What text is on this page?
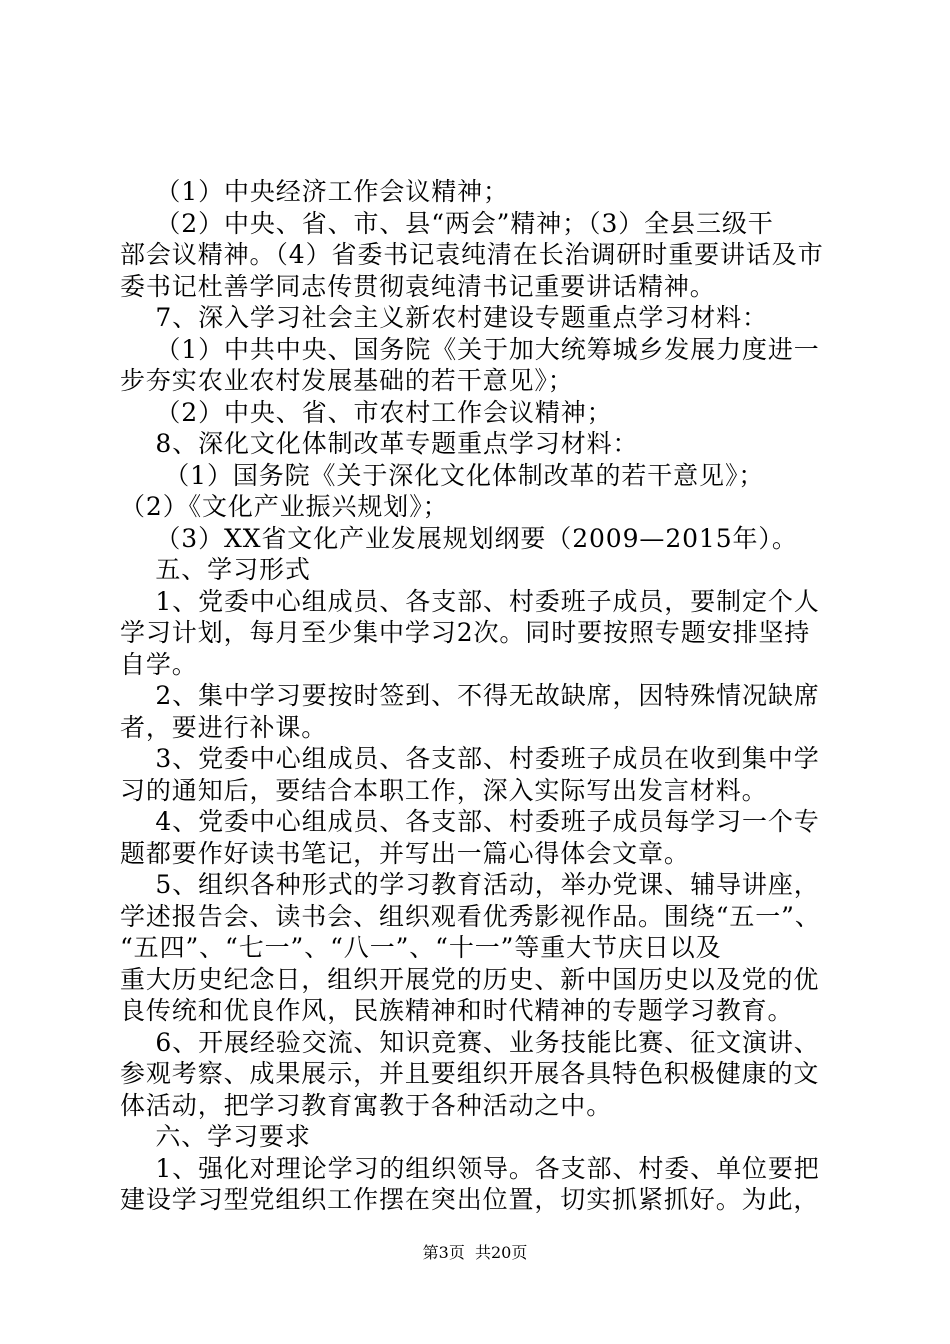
（1）中央经济工作会议精神；
（2）中央、省、市、县“两会”精神；（3）全县三级干
部会议精神。（4）省委书记袁纯清在长治调研时重要讲话及市
委书记杜善学同志传贯彻袁纯清书记重要讲话精神。
7、深入学习社会主义新农村建设专题重点学习材料：
（1）中共中央、国务院《关于加大统筹城乡发展力度进一
步夯实农业农村发展基础的若干意见》；
（2）中央、省、市农村工作会议精神；
8、深化文化体制改革专题重点学习材料：
（1）国务院《关于深化文化体制改革的若干意见》；
（2）《文化产业振兴规划》；
（3）XX省文化产业发展规划纲要（2009—2015年）。
五、学习形式
1、党委中心组成员、各支部、村委班子成员，要制定个人
学习计划，每月至少集中学习2次。同时要按照专题安排坚持
自学。
2、集中学习要按时签到、不得无故缺席，因特殊情况缺席
者，要进行补课。
3、党委中心组成员、各支部、村委班子成员在收到集中学
习的通知后，要结合本职工作，深入实际写出发言材料。
4、党委中心组成员、各支部、村委班子成员每学习一个专
题都要作好读书笔记，并写出一篇心得体会文章。
5、组织各种形式的学习教育活动，举办党课、辅导讲座，
学述报告会、读书会、组织观看优秀影视作品。围绕“五一”、
“五四”、“七一”、“八一”、“十一”等重大节庆日以及
重大历史纪念日，组织开展党的历史、新中国历史以及党的优
良传统和优良作风，民族精神和时代精神的专题学习教育。
6、开展经验交流、知识竞赛、业务技能比赛、征文演讲、
参观考察、成果展示，并且要组织开展各具特色积极健康的文
体活动，把学习教育寓教于各种活动之中。
六、学习要求
1、强化对理论学习的组织领导。各支部、村委、单位要把
建设学习型党组织工作摆在突出位置，切实抓紧抓好。为此，
第3页  共20页
